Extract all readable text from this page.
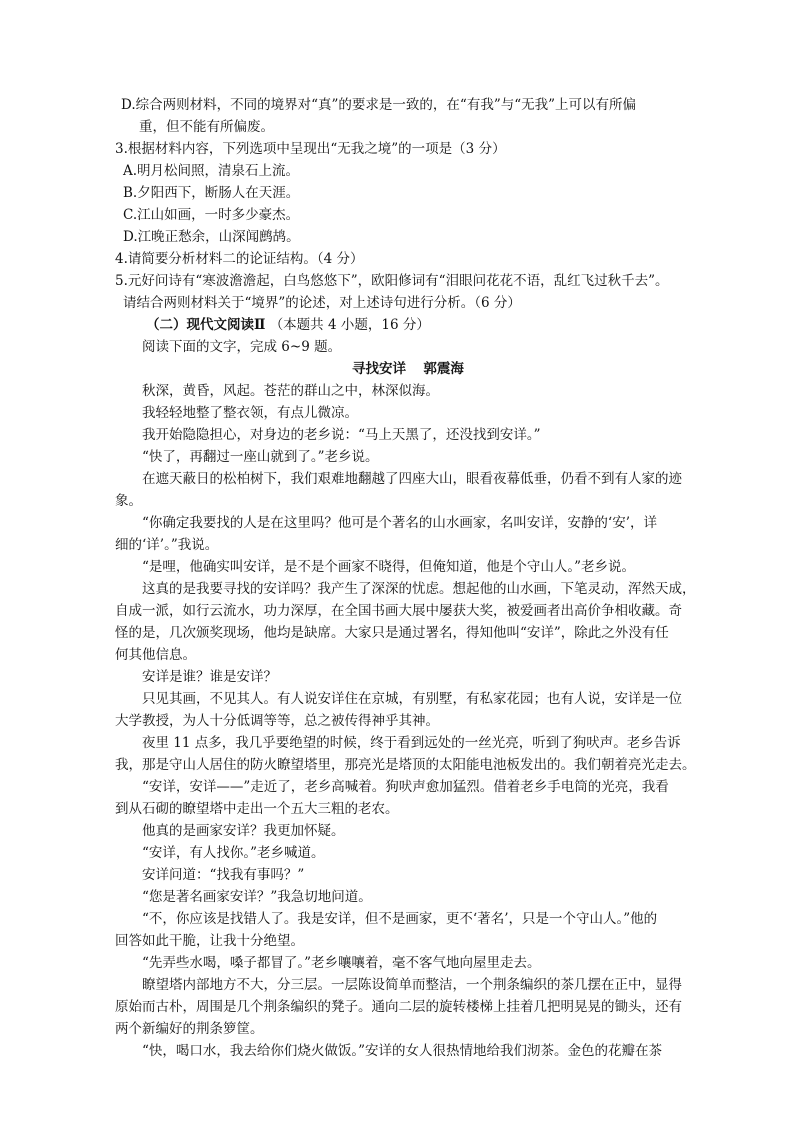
D.综合两则材料，不同的境界对“真”的要求是一致的，在“有我”与“无我”上可以有所偏
重，但不能有所偏废。
3.根据材料内容，下列选项中呈现出“无我之境”的一项是（3 分）
A.明月松间照，清泉石上流。
B.夕阳西下，断肠人在天涯。
C.江山如画，一时多少豪杰。
D.江晚正愁余，山深闻鹧鸪。
4.请简要分析材料二的论证结构。（4 分）
5.元好问诗有“寒波澹澹起，白鸟悠悠下”，欧阳修词有“泪眼问花花不语，乱红飞过秋千去”。
请结合两则材料关于“境界”的论述，对上述诗句进行分析。（6 分）
（二）现代文阅读Ⅱ （本题共 4 小题，16 分）
阅读下面的文字，完成 6~9 题。
寻找安详 郭震海
秋深，黄昏，风起。苍茫的群山之中，林深似海。
我轻轻地整了整衣领，有点儿微凉。
我开始隐隐担心，对身边的老乡说：“马上天黑了，还没找到安详。”
“快了，再翻过一座山就到了。”老乡说。
在遮天蔽日的松柏树下，我们艰难地翻越了四座大山，眼看夜幕低垂，仍看不到有人家的迹
象。
“你确定我要找的人是在这里吗？他可是个著名的山水画家，名叫安详，安静的‘安’，详
细的‘详’。”我说。
“是哩，他确实叫安详，是不是个画家不晓得，但俺知道，他是个守山人。”老乡说。
这真的是我要寻找的安详吗？我产生了深深的忧虑。想起他的山水画，下笔灵动，浑然天成，
自成一派，如行云流水，功力深厚，在全国书画大展中屡获大奖，被爱画者出高价争相收藏。奇
怪的是，几次颁奖现场，他均是缺席。大家只是通过署名，得知他叫“安详”，除此之外没有任
何其他信息。
安详是谁？谁是安详？
只见其画，不见其人。有人说安详住在京城，有别墅，有私家花园；也有人说，安详是一位
大学教授，为人十分低调等等，总之被传得神乎其神。
夜里 11 点多，我几乎要绝望的时候，终于看到远处的一丝光亮，听到了狗吠声。老乡告诉
我，那是守山人居住的防火瞭望塔里，那亮光是塔顶的太阳能电池板发出的。我们朝着亮光走去。
“安详，安详——”走近了，老乡高喊着。狗吠声愈加猛烈。借着老乡手电筒的光亮，我看
到从石砌的瞭望塔中走出一个五大三粗的老农。
他真的是画家安详？我更加怀疑。
“安详，有人找你。”老乡喊道。
安详问道：“找我有事吗？”
“您是著名画家安详？”我急切地问道。
“不，你应该是找错人了。我是安详，但不是画家，更不‘著名’，只是一个守山人。”他的
回答如此干脆，让我十分绝望。
“先弄些水喝，嗓子都冒了。”老乡嚷嚷着，毫不客气地向屋里走去。
瞭望塔内部地方不大，分三层。一层陈设简单而整洁，一个荆条编织的茶几摆在正中，显得
原始而古朴，周围是几个荆条编织的凳子。通向二层的旋转楼梯上挂着几把明晃晃的锄头，还有
两个新编好的荆条箩筐。
“快，喝口水，我去给你们烧火做饭。”安详的女人很热情地给我们沏茶。金色的花瓣在茶
